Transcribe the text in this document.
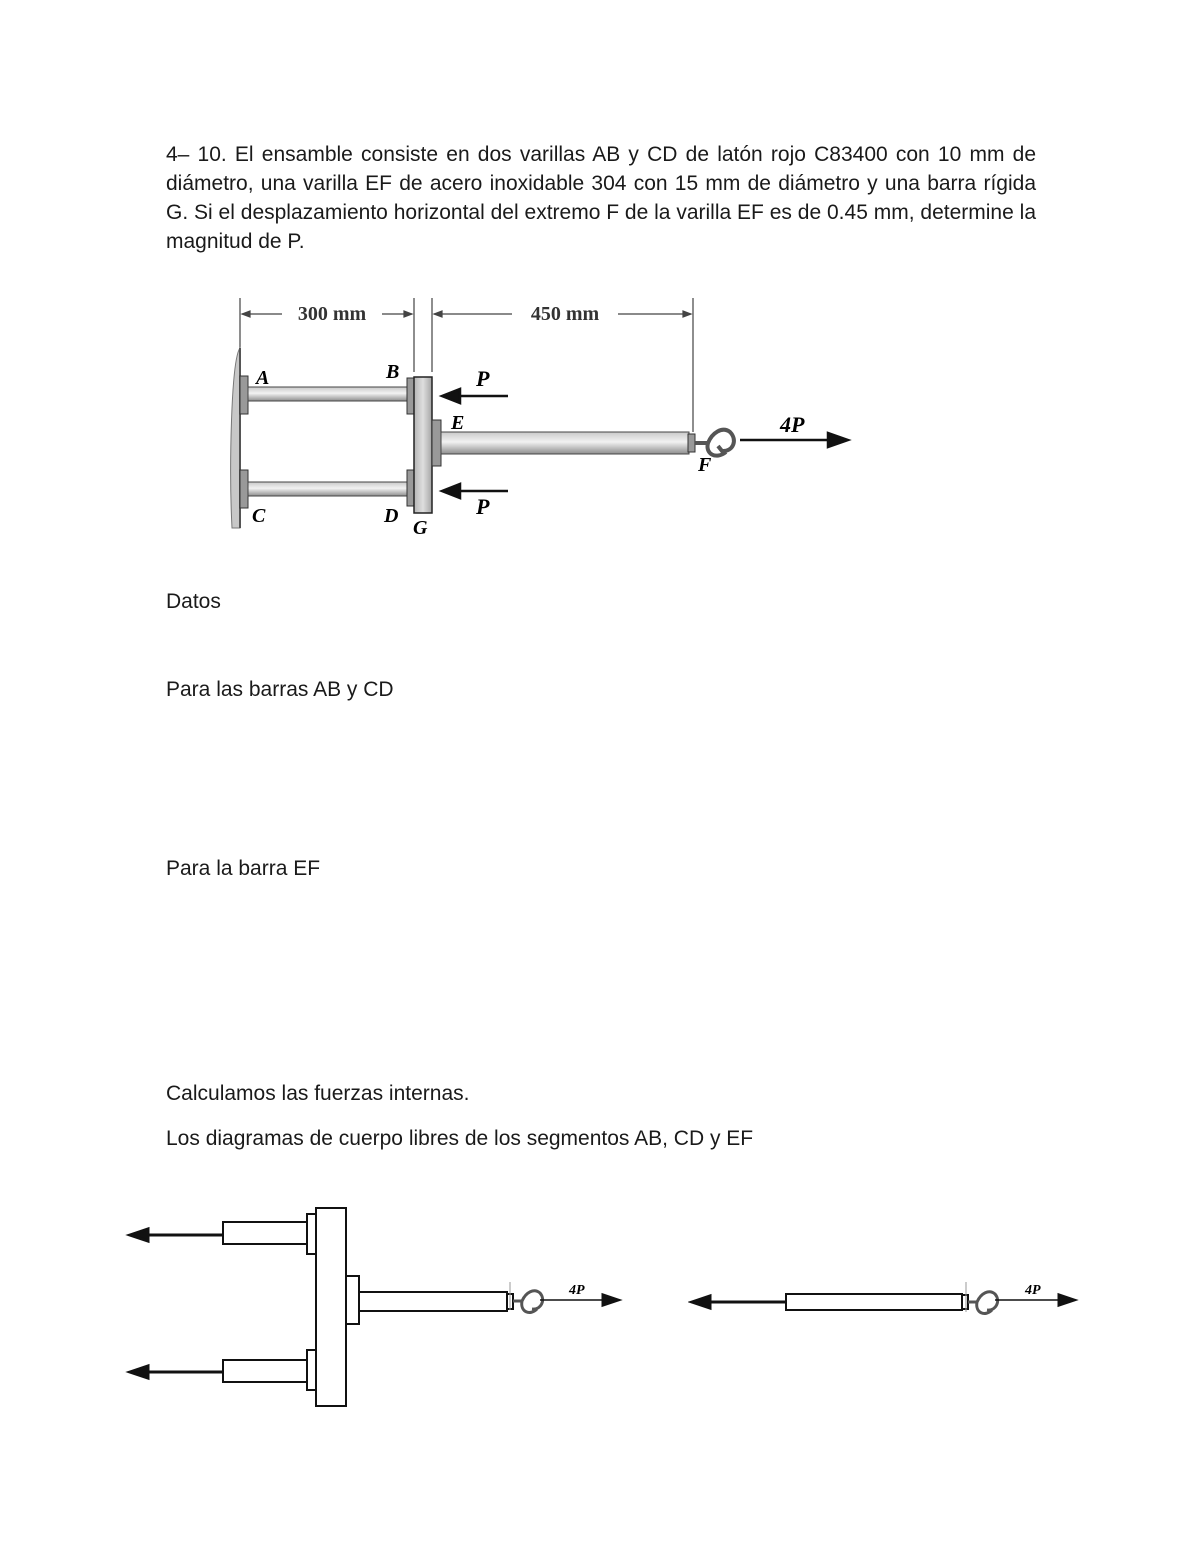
4– 10. El ensamble consiste en dos varillas AB y CD de latón rojo C83400 con 10 mm de diámetro, una varilla EF de acero inoxidable 304 con 15 mm de diámetro y una barra rígida G. Si el desplazamiento horizontal del extremo F de la varilla EF es de 0.45 mm, determine la magnitud de P.

300 mm	450 mm
A	B
C	D
E
F
G
P
P
4P

Datos

Para las barras AB y CD

Para la barra EF

Calculamos las fuerzas internas.

Los diagramas de cuerpo libres de los segmentos AB, CD y EF

4P	4P
